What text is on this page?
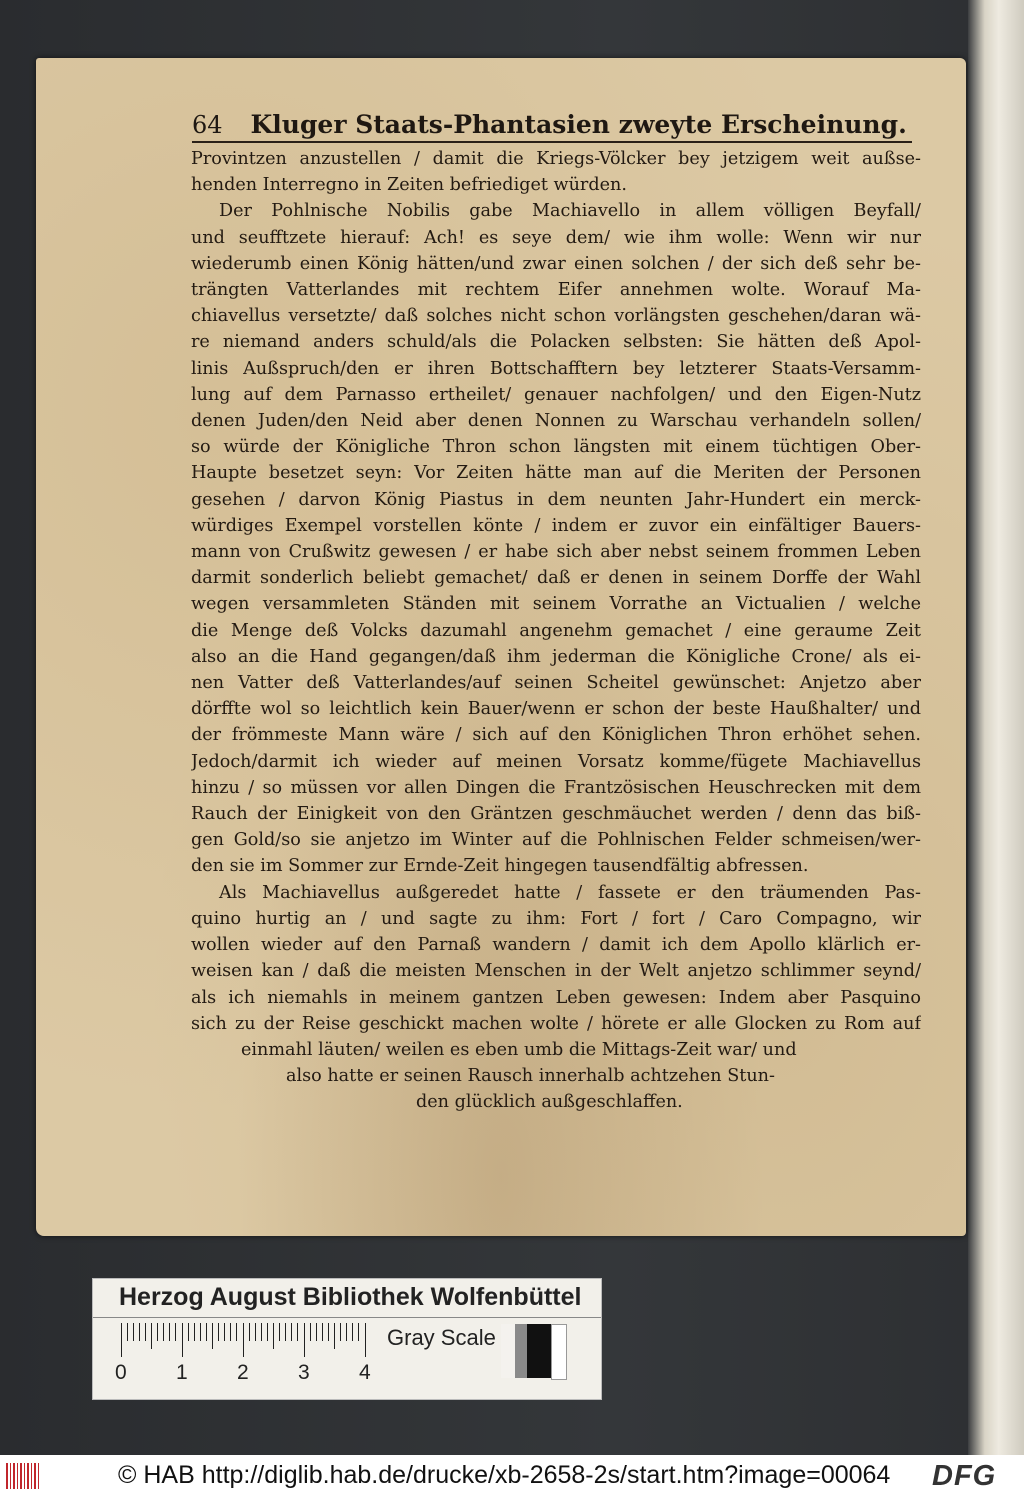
64 Kluger Staats-Phantasien zweyte Erscheinung.
Provintzen anzustellen / damit die Kriegs-Völcker bey jetzigem weit außse-
henden Interregno in Zeiten befriediget würden.
Der Pohlnische Nobilis gabe Machiavello in allem völligen Beyfall/
und seufftzete hierauf: Ach! es seye dem/ wie ihm wolle: Wenn wir nur
wiederumb einen König hätten/und zwar einen solchen / der sich deß sehr be-
trängten Vatterlandes mit rechtem Eifer annehmen wolte. Worauf Ma-
chiavellus versetzte/ daß solches nicht schon vorlängsten geschehen/daran wä-
re niemand anders schuld/als die Polacken selbsten: Sie hätten deß Apol-
linis Außspruch/den er ihren Bottschafftern bey letzterer Staats-Versamm-
lung auf dem Parnasso ertheilet/ genauer nachfolgen/ und den Eigen-Nutz
denen Juden/den Neid aber denen Nonnen zu Warschau verhandeln sollen/
so würde der Königliche Thron schon längsten mit einem tüchtigen Ober-
Haupte besetzet seyn: Vor Zeiten hätte man auf die Meriten der Personen
gesehen / darvon König Piastus in dem neunten Jahr-Hundert ein merck-
würdiges Exempel vorstellen könte / indem er zuvor ein einfältiger Bauers-
mann von Crußwitz gewesen / er habe sich aber nebst seinem frommen Leben
darmit sonderlich beliebt gemachet/ daß er denen in seinem Dorffe der Wahl
wegen versammleten Ständen mit seinem Vorrathe an Victualien / welche
die Menge deß Volcks dazumahl angenehm gemachet / eine geraume Zeit
also an die Hand gegangen/daß ihm jederman die Königliche Crone/ als ei-
nen Vatter deß Vatterlandes/auf seinen Scheitel gewünschet: Anjetzo aber
dörffte wol so leichtlich kein Bauer/wenn er schon der beste Haußhalter/ und
der frömmeste Mann wäre / sich auf den Königlichen Thron erhöhet sehen.
Jedoch/darmit ich wieder auf meinen Vorsatz komme/fügete Machiavellus
hinzu / so müssen vor allen Dingen die Frantzösischen Heuschrecken mit dem
Rauch der Einigkeit von den Gräntzen geschmäuchet werden / denn das biß-
gen Gold/so sie anjetzo im Winter auf die Pohlnischen Felder schmeisen/wer-
den sie im Sommer zur Ernde-Zeit hingegen tausendfältig abfressen.
Als Machiavellus außgeredet hatte / fassete er den träumenden Pas-
quino hurtig an / und sagte zu ihm: Fort / fort / Caro Compagno, wir
wollen wieder auf den Parnaß wandern / damit ich dem Apollo klärlich er-
weisen kan / daß die meisten Menschen in der Welt anjetzo schlimmer seynd/
als ich niemahls in meinem gantzen Leben gewesen: Indem aber Pasquino
sich zu der Reise geschickt machen wolte / hörete er alle Glocken zu Rom auf
einmahl läuten/ weilen es eben umb die Mittags-Zeit war/ und
also hatte er seinen Rausch innerhalb achtzehen Stun-
den glücklich außgeschlaffen.
Herzog August Bibliothek Wolfenbüttel
0 1 2 3 4
Gray Scale
© HAB http://diglib.hab.de/drucke/xb-2658-2s/start.htm?image=00064 DFG
